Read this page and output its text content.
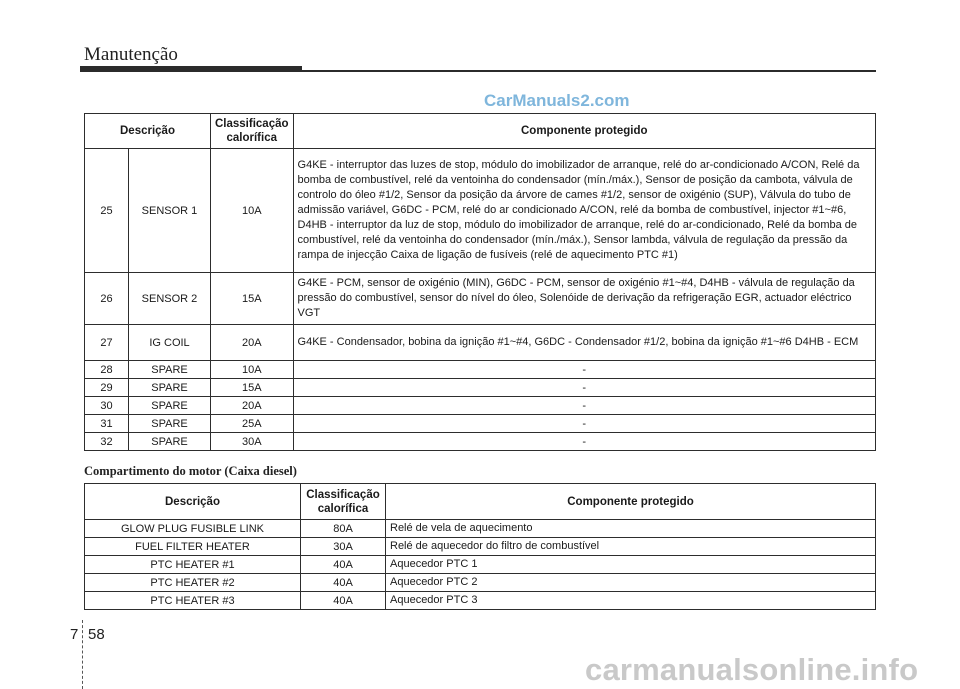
Manutenção
CarManuals2.com
Descrição		Classificação calorífica	Componente protegido
25	SENSOR 1	10A	G4KE - interruptor das luzes de stop, módulo do imobilizador de arranque, relé do ar-condicionado A/CON, Relé da bomba de combustível, relé da ventoinha do condensador (mín./máx.), Sensor de posição da cambota, válvula de controlo do óleo #1/2, Sensor da posição da árvore de cames #1/2, sensor de oxigénio (SUP), Válvula do tubo de admissão variável, G6DC - PCM, relé do ar condicionado A/CON, relé da bomba de combustível, injector #1~#6, D4HB - interruptor da luz de stop, módulo do imobilizador de arranque, relé do ar-condicionado, Relé da bomba de combustível, relé da ventoinha do condensador (mín./máx.), Sensor lambda, válvula de regulação da pressão da rampa de injecção Caixa de ligação de fusíveis (relé de aquecimento PTC #1)
26	SENSOR 2	15A	G4KE - PCM, sensor de oxigénio (MIN), G6DC - PCM, sensor de oxigénio #1~#4, D4HB - válvula de regulação da pressão do combustível, sensor do nível do óleo, Solenóide de derivação da refrigeração EGR, actuador eléctrico VGT
27	IG COIL	20A	G4KE - Condensador, bobina da ignição #1~#4, G6DC - Condensador #1/2, bobina da ignição #1~#6 D4HB - ECM
28	SPARE	10A	-
29	SPARE	15A	-
30	SPARE	20A	-
31	SPARE	25A	-
32	SPARE	30A	-
Compartimento do motor (Caixa diesel)
Descrição	Classificação calorífica	Componente protegido
GLOW PLUG FUSIBLE LINK	80A	Relé de vela de aquecimento
FUEL FILTER HEATER	30A	Relé de aquecedor do filtro de combustível
PTC HEATER #1	40A	Aquecedor PTC 1
PTC HEATER #2	40A	Aquecedor PTC 2
PTC HEATER #3	40A	Aquecedor PTC 3
7 58
carmanualsonline.info
